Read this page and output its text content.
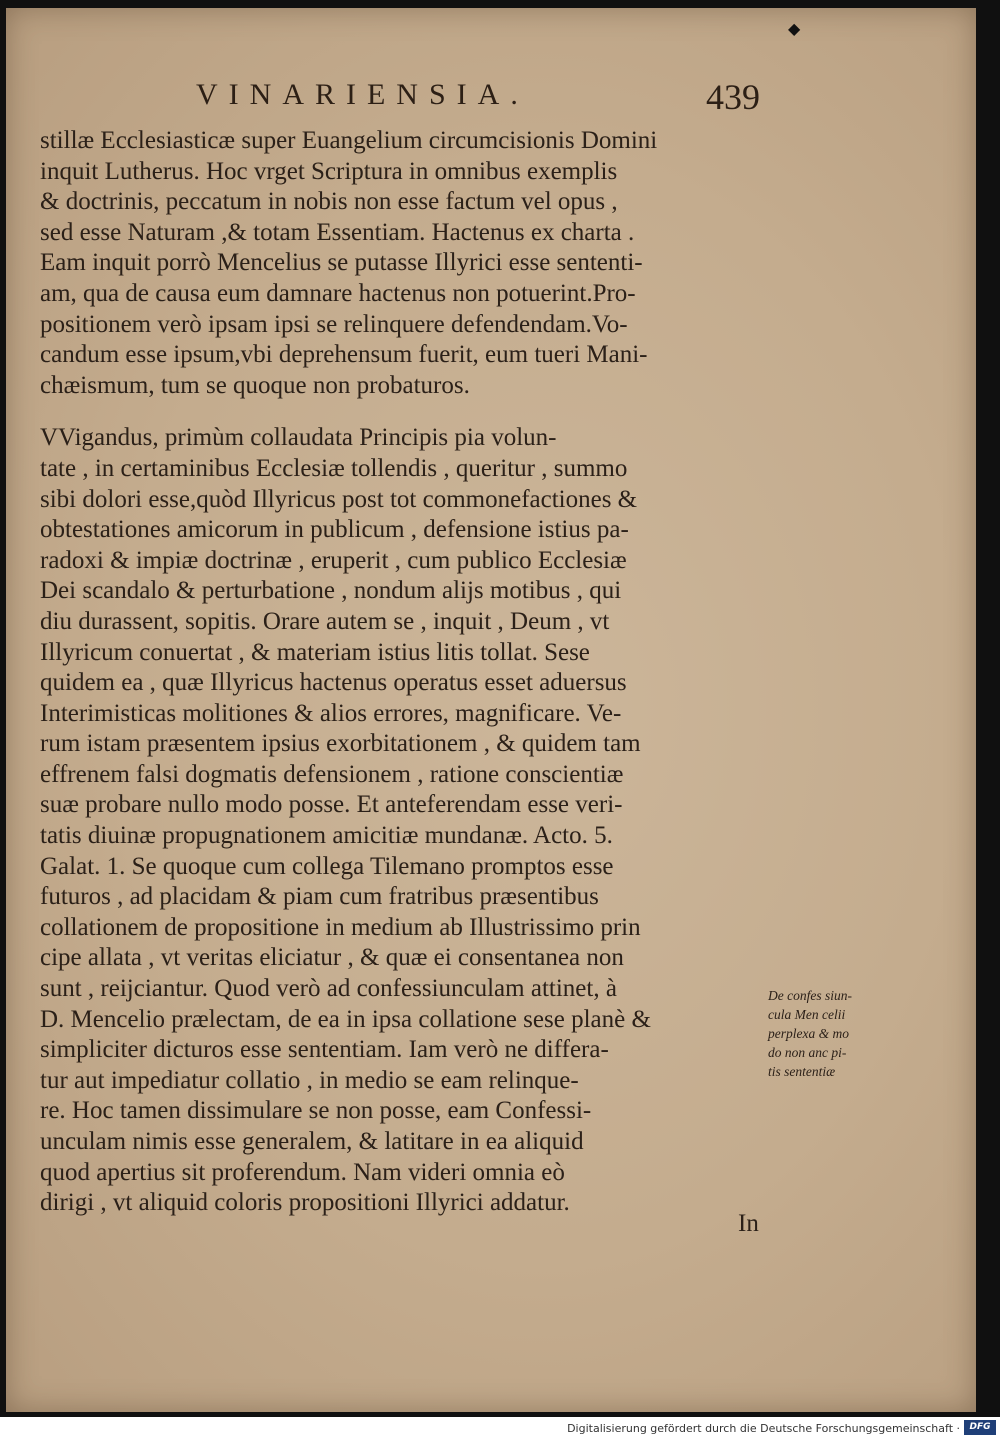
◆
VINARIENSIA.	439
stillæ Ecclesiasticæ super Euangelium circumcisionis Domini
inquit Lutherus. Hoc vrget Scriptura in omnibus exemplis
& doctrinis, peccatum in nobis non esse factum vel opus ,
sed esse Naturam ,& totam Essentiam. Hactenus ex charta .
Eam inquit porrò Mencelius se putasse Illyrici esse sententi-
am, qua de causa eum damnare hactenus non potuerint.Pro-
positionem verò ipsam ipsi se relinquere defendendam.Vo-
candum esse ipsum,vbi deprehensum fuerit, eum tueri Mani-
chæismum, tum se quoque non probaturos.
VVigandus, primùm collaudata Principis pia volun-
tate , in certaminibus Ecclesiæ tollendis , queritur , summo
sibi dolori esse,quòd Illyricus post tot commonefactiones &
obtestationes amicorum in publicum , defensione istius pa-
radoxi & impiæ doctrinæ , eruperit , cum publico Ecclesiæ
Dei scandalo & perturbatione , nondum alijs motibus , qui
diu durassent, sopitis. Orare autem se , inquit , Deum , vt
Illyricum conuertat , & materiam istius litis tollat. Sese
quidem ea , quæ Illyricus hactenus operatus esset aduersus
Interimisticas molitiones & alios errores, magnificare. Ve-
rum istam præsentem ipsius exorbitationem , & quidem tam
effrenem falsi dogmatis defensionem , ratione conscientiæ
suæ probare nullo modo posse. Et anteferendam esse veri-
tatis diuinæ propugnationem amicitiæ mundanæ. Acto. 5.
Galat. 1. Se quoque cum collega Tilemano promptos esse
futuros , ad placidam & piam cum fratribus præsentibus
collationem de propositione in medium ab Illustrissimo prin
cipe allata , vt veritas eliciatur , & quæ ei consentanea non
sunt , reijciantur. Quod verò ad confessiunculam attinet, à
D. Mencelio prælectam, de ea in ipsa collatione sese planè &
simpliciter dicturos esse sententiam. Iam verò ne differa-
tur aut impediatur collatio , in medio se eam relinque-
re. Hoc tamen dissimulare se non posse, eam Confessi-
unculam nimis esse generalem, & latitare in ea aliquid
quod apertius sit proferendum. Nam videri omnia eò
dirigi , vt aliquid coloris propositioni Illyrici addatur.
De confes siun-
cula Men celii
perplexa & mo
do non anc pi-
tis sententiæ
In
Digitalisierung gefördert durch die Deutsche Forschungsgemeinschaft ·	DFG
